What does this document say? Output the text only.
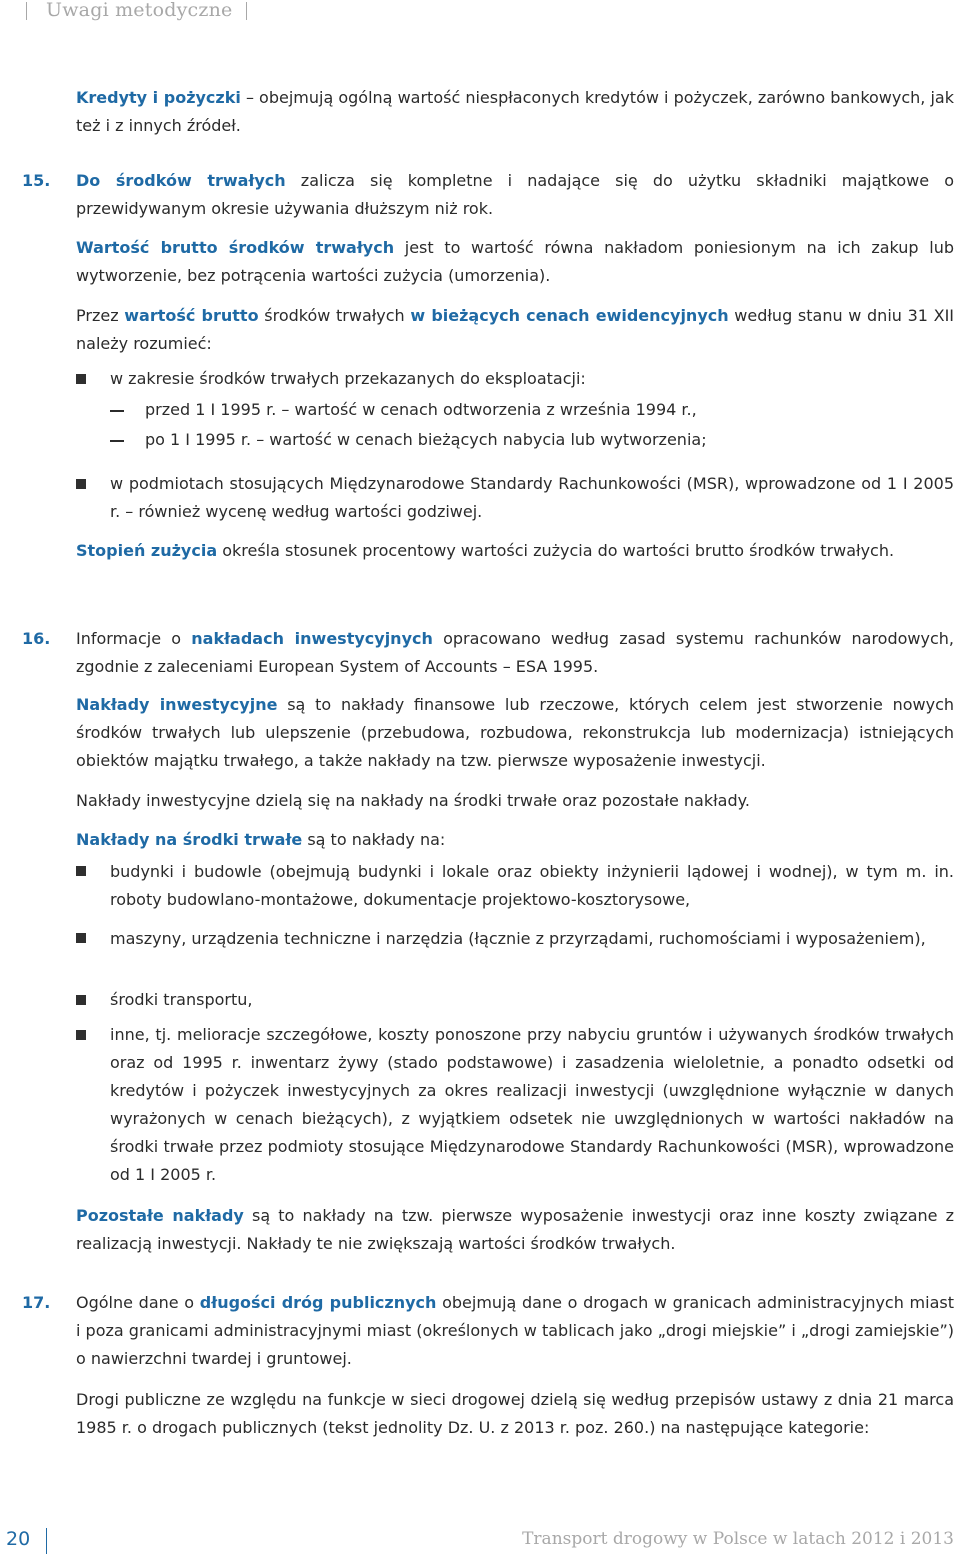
Uwagi metodyczne
Kredyty i pożyczki – obejmują ogólną wartość niespłaconych kredytów i pożyczek, zarówno bankowych, jak też i z innych źródeł.
15.	Do środków trwałych zalicza się kompletne i nadające się do użytku składniki majątkowe o przewidywanym okresie używania dłuższym niż rok.
Wartość brutto środków trwałych jest to wartość równa nakładom poniesionym na ich zakup lub wytworzenie, bez potrącenia wartości zużycia (umorzenia).
Przez wartość brutto środków trwałych w bieżących cenach ewidencyjnych według stanu w dniu 31 XII należy rozumieć:
w zakresie środków trwałych przekazanych do eksploatacji:
przed 1 I 1995 r. – wartość w cenach odtworzenia z września 1994 r.,
po 1 I 1995 r. – wartość w cenach bieżących nabycia lub wytworzenia;
w podmiotach stosujących Międzynarodowe Standardy Rachunkowości (MSR), wprowadzone od 1 I 2005 r. – również wycenę według wartości godziwej.
Stopień zużycia określa stosunek procentowy wartości zużycia do wartości brutto środków trwałych.
16.	Informacje o nakładach inwestycyjnych opracowano według zasad systemu rachunków narodowych, zgodnie z zaleceniami European System of Accounts – ESA 1995.
Nakłady inwestycyjne są to nakłady finansowe lub rzeczowe, których celem jest stworzenie nowych środków trwałych lub ulepszenie (przebudowa, rozbudowa, rekonstrukcja lub modernizacja) istniejących obiektów majątku trwałego, a także nakłady na tzw. pierwsze wyposażenie inwestycji.
Nakłady inwestycyjne dzielą się na nakłady na środki trwałe oraz pozostałe nakłady.
Nakłady na środki trwałe są to nakłady na:
budynki i budowle (obejmują budynki i lokale oraz obiekty inżynierii lądowej i wodnej), w tym m. in. roboty budowlano-montażowe, dokumentacje projektowo-kosztorysowe,
maszyny, urządzenia techniczne i narzędzia (łącznie z przyrządami, ruchomościami i wyposażeniem),
środki transportu,
inne, tj. melioracje szczegółowe, koszty ponoszone przy nabyciu gruntów i używanych środków trwałych oraz od 1995 r. inwentarz żywy (stado podstawowe) i zasadzenia wieloletnie, a ponadto odsetki od kredytów i pożyczek inwestycyjnych za okres realizacji inwestycji (uwzględnione wyłącznie w danych wyrażonych w cenach bieżących), z wyjątkiem odsetek nie uwzględnionych w wartości nakładów na środki trwałe przez podmioty stosujące Międzynarodowe Standardy Rachunkowości (MSR), wprowadzone od 1 I 2005 r.
Pozostałe nakłady są to nakłady na tzw. pierwsze wyposażenie inwestycji oraz inne koszty związane z realizacją inwestycji. Nakłady te nie zwiększają wartości środków trwałych.
17.	Ogólne dane o długości dróg publicznych obejmują dane o drogach w granicach administracyjnych miast i poza granicami administracyjnymi miast (określonych w tablicach jako „drogi miejskie” i „drogi zamiejskie”) o nawierzchni twardej i gruntowej.
Drogi publiczne ze względu na funkcje w sieci drogowej dzielą się według przepisów ustawy z dnia 21 marca 1985 r. o drogach publicznych (tekst jednolity Dz. U. z 2013 r. poz. 260.) na następujące kategorie:
20	Transport drogowy w Polsce w latach 2012 i 2013
